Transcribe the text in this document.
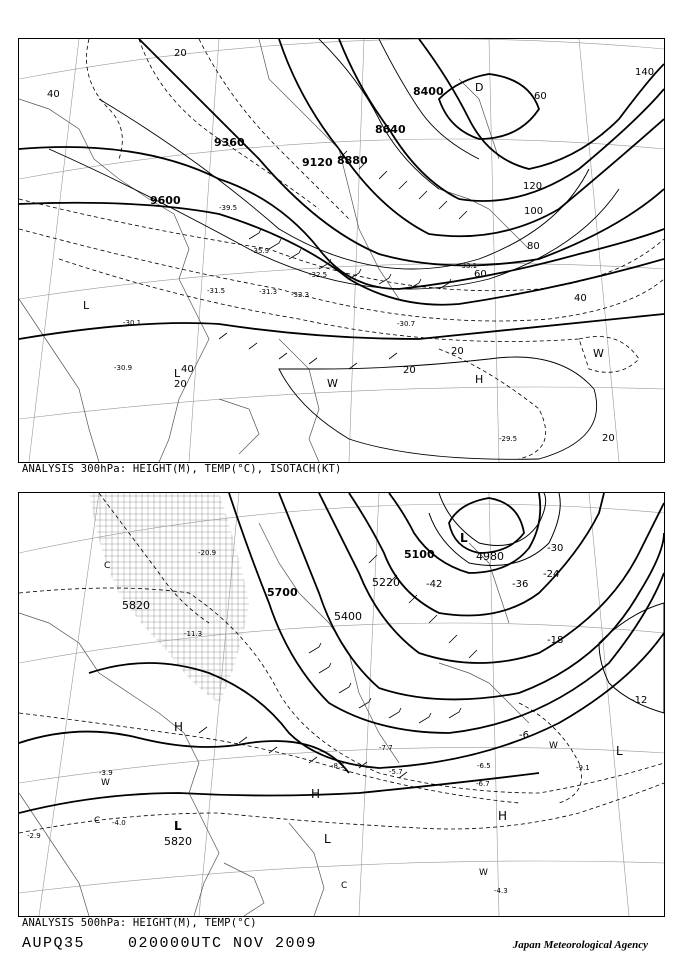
9360
9600
8880
8400
9120
8640
20
40	60
80
100
120
140
20
20
20
40
60
40
20
L
L	H
W
W
D
-30.1
-30.9
-31.5	-32.3
-32.5
-33.1
-35.9
-39.5
-30.7
-29.5
-31.3
ANALYSIS 300hPa: HEIGHT(M), TEMP(°C), ISOTACH(KT)
5700
5100	4980
5820
5400
5220
5820
-6
-12
-18
-24
-30
-36
-42
L
L
L
L
H
H
H
C
C
C
W
W
W
-4.3
-6.5
-8.5	-9.1
-5.7
-7.7
-6.7
-3.9
-2.9
-4.0
-11.3
-20.9
ANALYSIS 500hPa: HEIGHT(M), TEMP(°C)
AUPQ35	020000UTC NOV 2009	Japan Meteorological Agency
